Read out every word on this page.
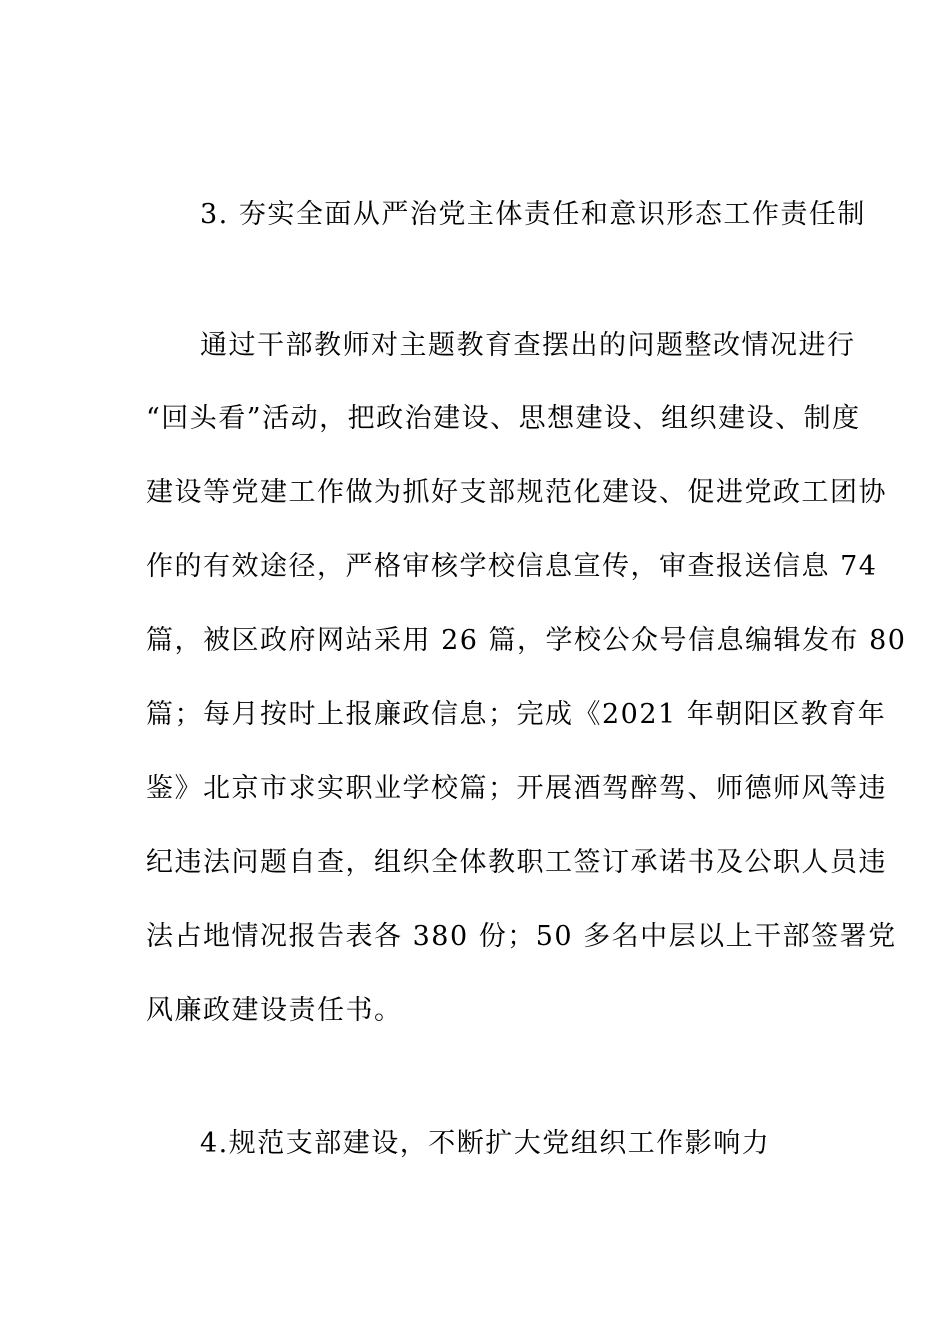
3. 夯实全面从严治党主体责任和意识形态工作责任制
通过干部教师对主题教育查摆出的问题整改情况进行
“回头看”活动，把政治建设、思想建设、组织建设、制度
建设等党建工作做为抓好支部规范化建设、促进党政工团协
作的有效途径，严格审核学校信息宣传，审查报送信息 74
篇，被区政府网站采用 26 篇，学校公众号信息编辑发布 80
篇；每月按时上报廉政信息；完成《2021 年朝阳区教育年
鉴》北京市求实职业学校篇；开展酒驾醉驾、师德师风等违
纪违法问题自查，组织全体教职工签订承诺书及公职人员违
法占地情况报告表各 380 份；50 多名中层以上干部签署党
风廉政建设责任书。
4.规范支部建设，不断扩大党组织工作影响力
